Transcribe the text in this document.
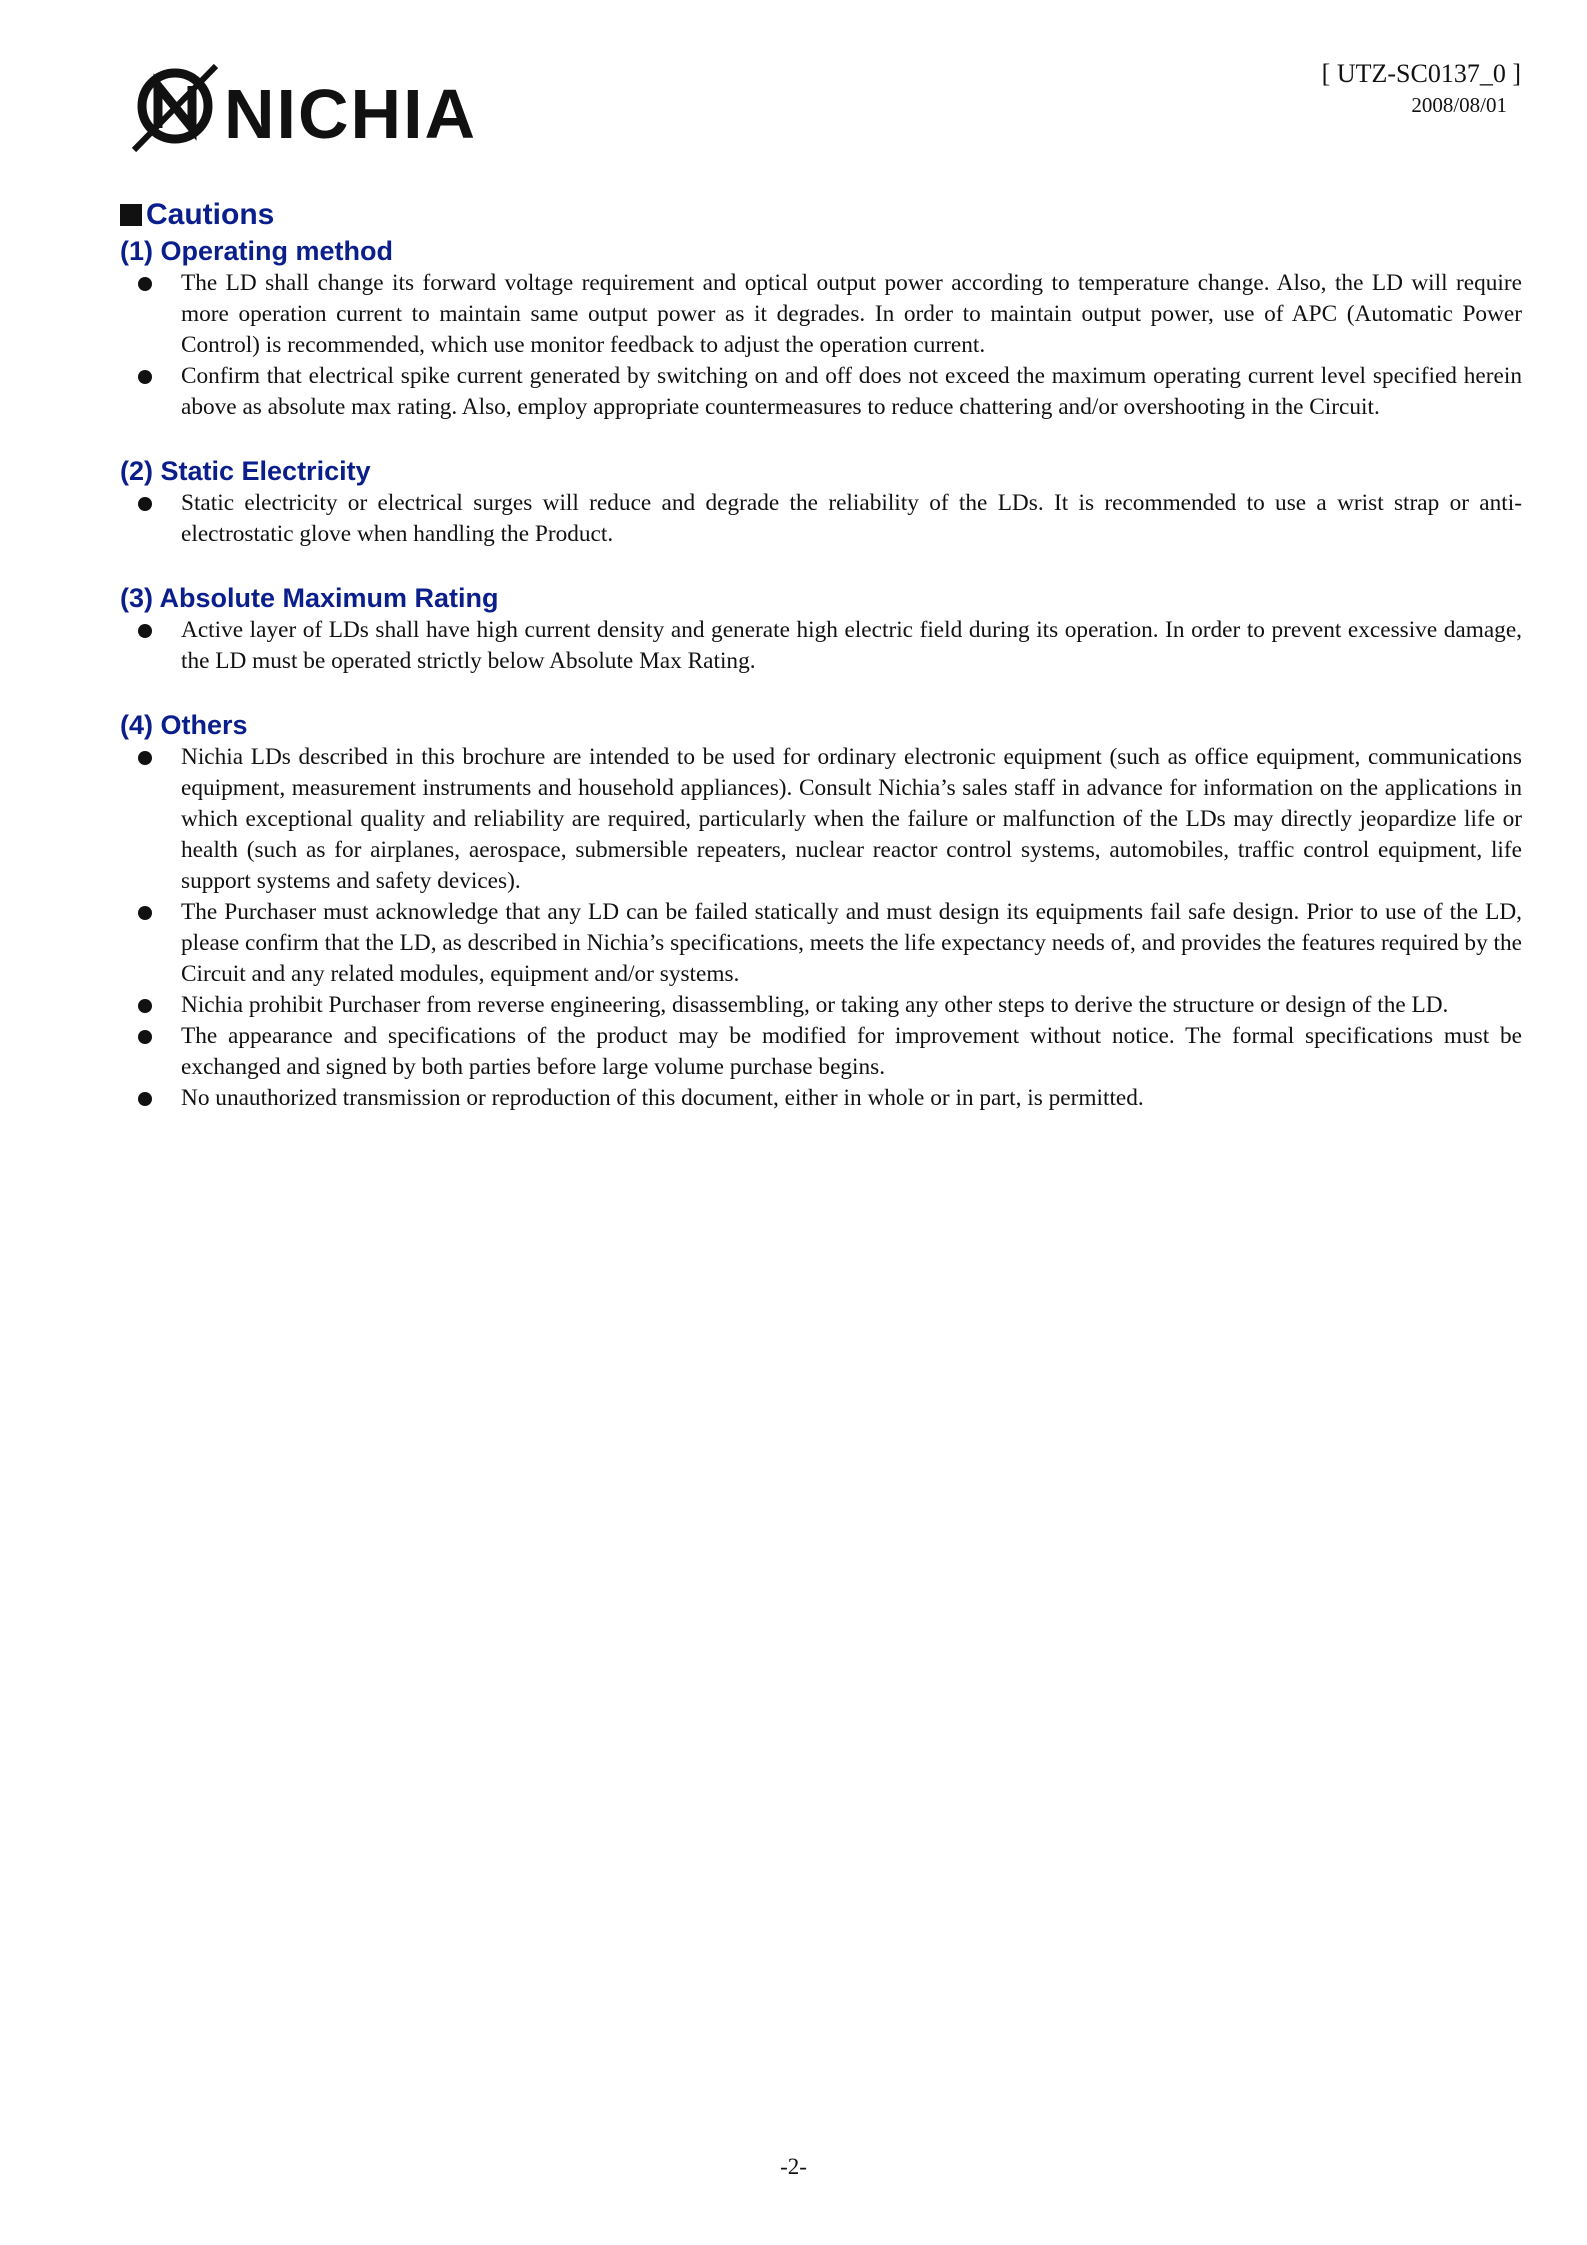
NICHIA
[ UTZ-SC0137_0 ]
2008/08/01
Cautions
(1) Operating method
The LD shall change its forward voltage requirement and optical output power according to temperature change. Also, the LD will require more operation current to maintain same output power as it degrades. In order to maintain output power, use of APC (Automatic Power Control) is recommended, which use monitor feedback to adjust the operation current.
Confirm that electrical spike current generated by switching on and off does not exceed the maximum operating current level specified herein above as absolute max rating. Also, employ appropriate countermeasures to reduce chattering and/or overshooting in the Circuit.
(2) Static Electricity
Static electricity or electrical surges will reduce and degrade the reliability of the LDs. It is recommended to use a wrist strap or anti-electrostatic glove when handling the Product.
(3) Absolute Maximum Rating
Active layer of LDs shall have high current density and generate high electric field during its operation. In order to prevent excessive damage, the LD must be operated strictly below Absolute Max Rating.
(4) Others
Nichia LDs described in this brochure are intended to be used for ordinary electronic equipment (such as office equipment, communications equipment, measurement instruments and household appliances). Consult Nichia’s sales staff in advance for information on the applications in which exceptional quality and reliability are required, particularly when the failure or malfunction of the LDs may directly jeopardize life or health (such as for airplanes, aerospace, submersible repeaters, nuclear reactor control systems, automobiles, traffic control equipment, life support systems and safety devices).
The Purchaser must acknowledge that any LD can be failed statically and must design its equipments fail safe design. Prior to use of the LD, please confirm that the LD, as described in Nichia’s specifications, meets the life expectancy needs of, and provides the features required by the Circuit and any related modules, equipment and/or systems.
Nichia prohibit Purchaser from reverse engineering, disassembling, or taking any other steps to derive the structure or design of the LD.
The appearance and specifications of the product may be modified for improvement without notice. The formal specifications must be exchanged and signed by both parties before large volume purchase begins.
No unauthorized transmission or reproduction of this document, either in whole or in part, is permitted.
-2-
